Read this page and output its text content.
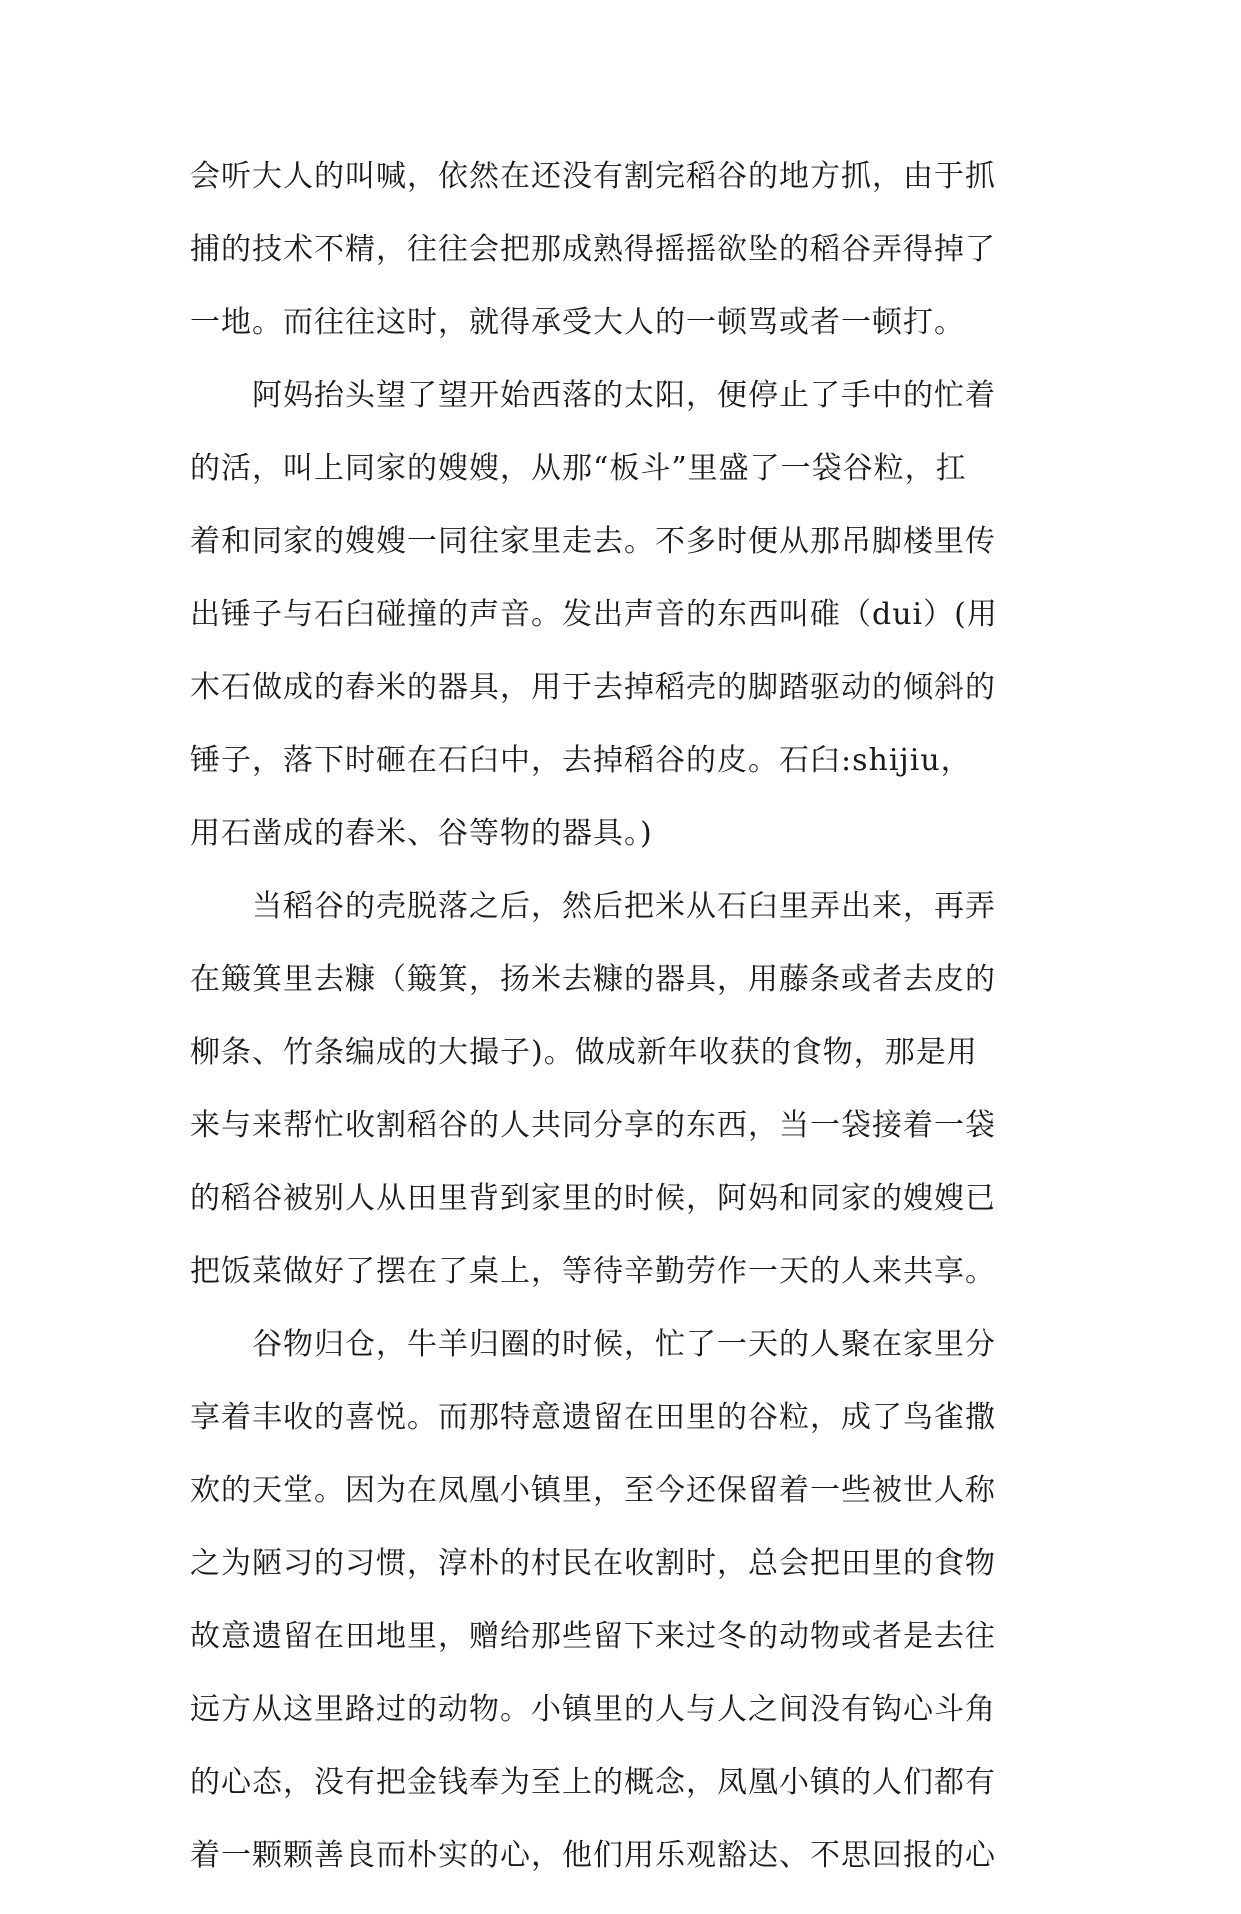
会听大人的叫喊，依然在还没有割完稻谷的地方抓，由于抓
捕的技术不精，往往会把那成熟得摇摇欲坠的稻谷弄得掉了
一地。而往往这时，就得承受大人的一顿骂或者一顿打。
阿妈抬头望了望开始西落的太阳，便停止了手中的忙着
的活，叫上同家的嫂嫂，从那“板斗”里盛了一袋谷粒，扛
着和同家的嫂嫂一同往家里走去。不多时便从那吊脚楼里传
出锤子与石臼碰撞的声音。发出声音的东西叫碓（dui）(用
木石做成的舂米的器具，用于去掉稻壳的脚踏驱动的倾斜的
锤子，落下时砸在石臼中，去掉稻谷的皮。石臼:shijiu，
用石凿成的舂米、谷等物的器具。)
当稻谷的壳脱落之后，然后把米从石臼里弄出来，再弄
在簸箕里去糠（簸箕，扬米去糠的器具，用藤条或者去皮的
柳条、竹条编成的大撮子)。做成新年收获的食物，那是用
来与来帮忙收割稻谷的人共同分享的东西，当一袋接着一袋
的稻谷被别人从田里背到家里的时候，阿妈和同家的嫂嫂已
把饭菜做好了摆在了桌上，等待辛勤劳作一天的人来共享。
谷物归仓，牛羊归圈的时候，忙了一天的人聚在家里分
享着丰收的喜悦。而那特意遗留在田里的谷粒，成了鸟雀撒
欢的天堂。因为在凤凰小镇里，至今还保留着一些被世人称
之为陋习的习惯，淳朴的村民在收割时，总会把田里的食物
故意遗留在田地里，赠给那些留下来过冬的动物或者是去往
远方从这里路过的动物。小镇里的人与人之间没有钩心斗角
的心态，没有把金钱奉为至上的概念，凤凰小镇的人们都有
着一颗颗善良而朴实的心，他们用乐观豁达、不思回报的心
